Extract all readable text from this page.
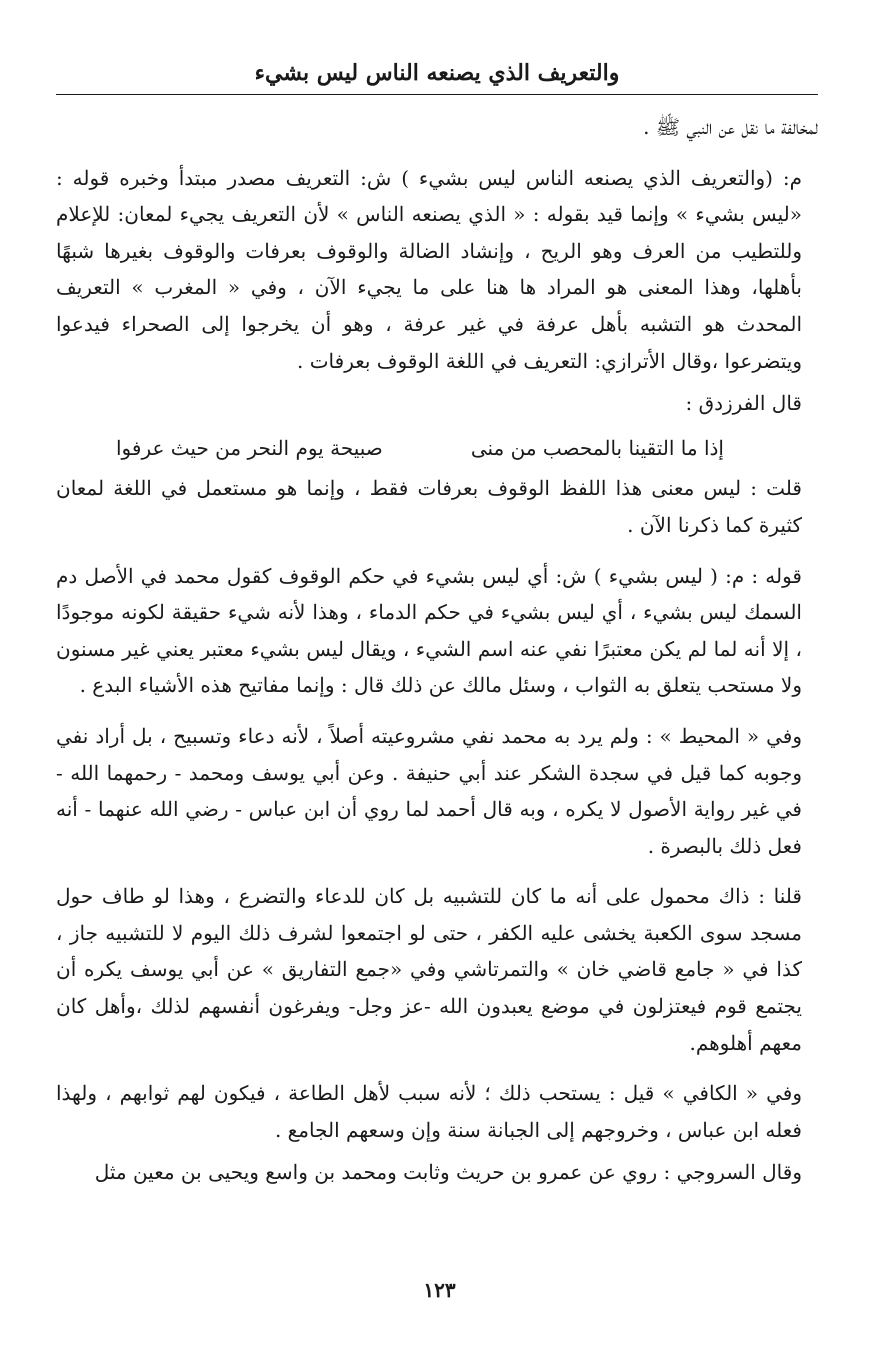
والتعريف الذي يصنعه الناس ليس بشيء

لمخالفة ما نقل عن النبي ﷺ .

م: (والتعريف الذي يصنعه الناس ليس بشيء ) ش: التعريف مصدر مبتدأ وخبره قوله : «ليس بشيء » وإنما قيد بقوله : « الذي يصنعه الناس » لأن التعريف يجيء لمعان: للإعلام وللتطيب من العرف وهو الريح ، وإنشاد الضالة والوقوف بعرفات والوقوف بغيرها شبهًا بأهلها، وهذا المعنى هو المراد ها هنا على ما يجيء الآن ، وفي « المغرب » التعريف المحدث هو التشبه بأهل عرفة في غير عرفة ، وهو أن يخرجوا إلى الصحراء فيدعوا ويتضرعوا ،وقال الأترازي: التعريف في اللغة الوقوف بعرفات .

قال الفرزدق :

إذا ما التقينا بالمحصب من منى
صبيحة يوم النحر من حيث عرفوا

قلت : ليس معنى هذا اللفظ الوقوف بعرفات فقط ، وإنما هو مستعمل في اللغة لمعان كثيرة كما ذكرنا الآن .

قوله : م: ( ليس بشيء ) ش: أي ليس بشيء في حكم الوقوف كقول محمد في الأصل دم السمك ليس بشيء ، أي ليس بشيء في حكم الدماء ، وهذا لأنه شيء حقيقة لكونه موجودًا ، إلا أنه لما لم يكن معتبرًا نفي عنه اسم الشيء ، ويقال ليس بشيء معتبر يعني غير مسنون ولا مستحب يتعلق به الثواب ، وسئل مالك عن ذلك قال : وإنما مفاتيح هذه الأشياء البدع .

وفي « المحيط » : ولم يرد به محمد نفي مشروعيته أصلاً ، لأنه دعاء وتسبيح ، بل أراد نفي وجوبه كما قيل في سجدة الشكر عند أبي حنيفة . وعن أبي يوسف ومحمد - رحمهما الله - في غير رواية الأصول لا يكره ، وبه قال أحمد لما روي أن ابن عباس - رضي الله عنهما - أنه فعل ذلك بالبصرة .

قلنا : ذاك محمول على أنه ما كان للتشبيه بل كان للدعاء والتضرع ، وهذا لو طاف حول مسجد سوى الكعبة يخشى عليه الكفر ، حتى لو اجتمعوا لشرف ذلك اليوم لا للتشبيه جاز ، كذا في « جامع قاضي خان » والتمرتاشي وفي «جمع التفاريق » عن أبي يوسف يكره أن يجتمع قوم فيعتزلون في موضع يعبدون الله -عز وجل- ويفرغون أنفسهم لذلك ،وأهل كان معهم أهلوهم.

وفي « الكافي » قيل : يستحب ذلك ؛ لأنه سبب لأهل الطاعة ، فيكون لهم ثوابهم ، ولهذا فعله ابن عباس ، وخروجهم إلى الجبانة سنة وإن وسعهم الجامع .

وقال السروجي : روي عن عمرو بن حريث وثابت ومحمد بن واسع ويحيى بن معين مثل

١٢٣
